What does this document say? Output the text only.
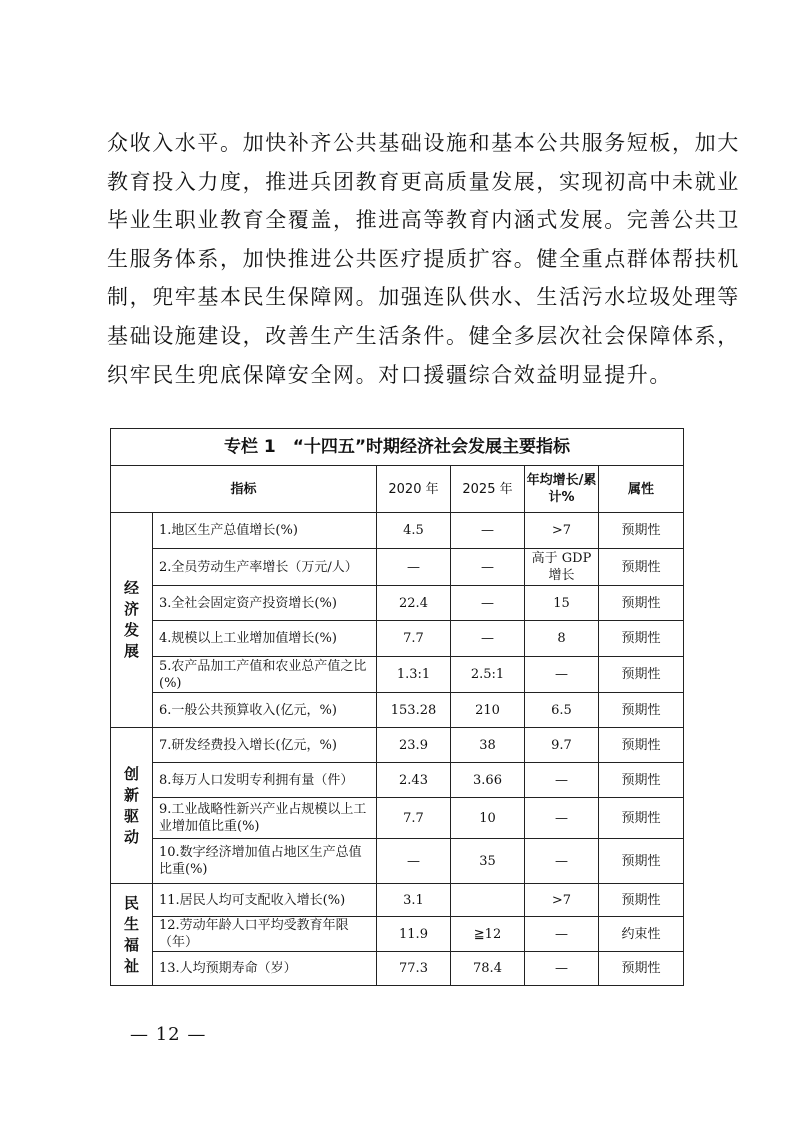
众收入水平。加快补齐公共基础设施和基本公共服务短板，加大
教育投入力度，推进兵团教育更高质量发展，实现初高中未就业
毕业生职业教育全覆盖，推进高等教育内涵式发展。完善公共卫
生服务体系，加快推进公共医疗提质扩容。健全重点群体帮扶机
制，兜牢基本民生保障网。加强连队供水、生活污水垃圾处理等
基础设施建设，改善生产生活条件。健全多层次社会保障体系，
织牢民生兜底保障安全网。对口援疆综合效益明显提升。
专栏 1　“十四五”时期经济社会发展主要指标					
指标		2020 年	2025 年	年均增长/累计%	属性

经
济
发
展	1.地区生产总值增长(%)	4.5	—	>7	预期性
	2.全员劳动生产率增长（万元/人）	—	—	高于 GDP 增长	预期性
	3.全社会固定资产投资增长(%)	22.4	—	15	预期性
	4.规模以上工业增加值增长(%)	7.7	—	8	预期性
	5.农产品加工产值和农业总产值之比(%)	1.3:1	2.5:1	—	预期性
	6.一般公共预算收入(亿元，%)	153.28	210	6.5	预期性

创
新
驱
动	7.研发经费投入增长(亿元，%)	23.9	38	9.7	预期性
	8.每万人口发明专利拥有量（件）	2.43	3.66	—	预期性
	9.工业战略性新兴产业占规模以上工业增加值比重(%)	7.7	10	—	预期性
	10.数字经济增加值占地区生产总值比重(%)	—	35	—	预期性

民
生
福
祉	11.居民人均可支配收入增长(%)	3.1		>7	预期性
	12.劳动年龄人口平均受教育年限（年）	11.9	≧12	—	约束性
	13.人均预期寿命（岁）	77.3	78.4	—	预期性
— 12 —
